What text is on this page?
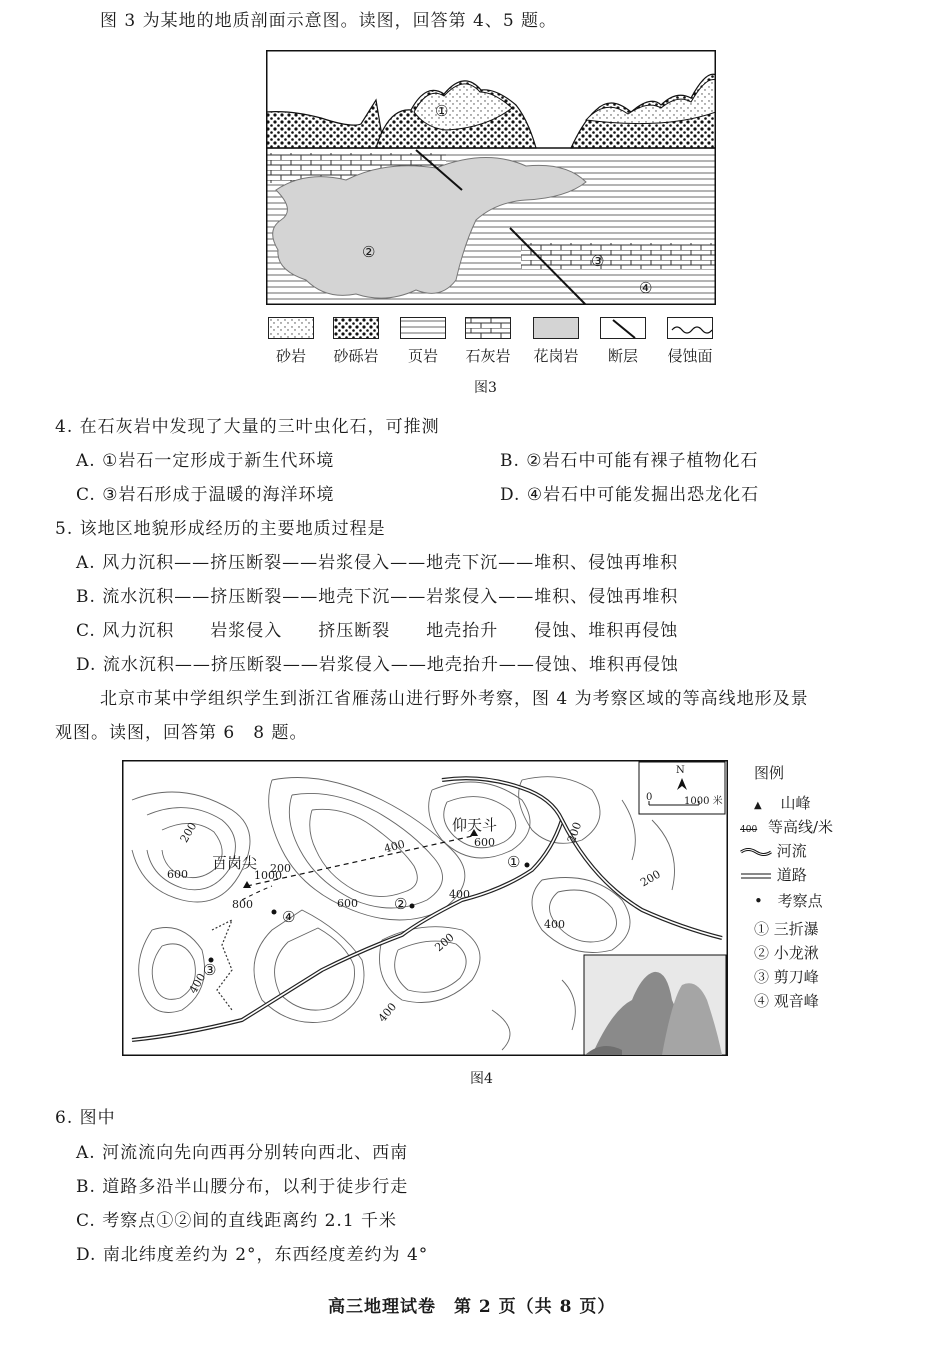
图 3 为某地的地质剖面示意图。读图，回答第 4、5 题。
①
②	③
④
砂岩	砂砾岩	页岩	石灰岩	花岗岩	断层	侵蚀面
图3
4. 在石灰岩中发现了大量的三叶虫化石，可推测
A. ①岩石一定形成于新生代环境	B. ②岩石中可能有裸子植物化石
C. ③岩石形成于温暖的海洋环境	D. ④岩石中可能发掘出恐龙化石
5. 该地区地貌形成经历的主要地质过程是
A. 风力沉积——挤压断裂——岩浆侵入——地壳下沉——堆积、侵蚀再堆积
B. 流水沉积——挤压断裂——地壳下沉——岩浆侵入——堆积、侵蚀再堆积
C. 风力沉积　　岩浆侵入　　挤压断裂　　地壳抬升　　侵蚀、堆积再侵蚀
D. 流水沉积——挤压断裂——岩浆侵入——地壳抬升——侵蚀、堆积再侵蚀
北京市某中学组织学生到浙江省雁荡山进行野外考察，图 4 为考察区域的等高线地形及景
观图。读图，回答第 6　8 题。
仰天斗
百岗尖
200
600
400
600
200
400
200
200
400
400
600
200
800
1000
400
①
②
③
④
N
0	1000 米
图例
▲ 山峰
400 等高线/米
河流
道路
• 考察点
① 三折瀑
② 小龙湫
③ 剪刀峰
④ 观音峰
图4
6. 图中
A. 河流流向先向西再分别转向西北、西南
B. 道路多沿半山腰分布，以利于徒步行走
C. 考察点①②间的直线距离约 2.1 千米
D. 南北纬度差约为 2°，东西经度差约为 4°
高三地理试卷　第 2 页（共 8 页）
